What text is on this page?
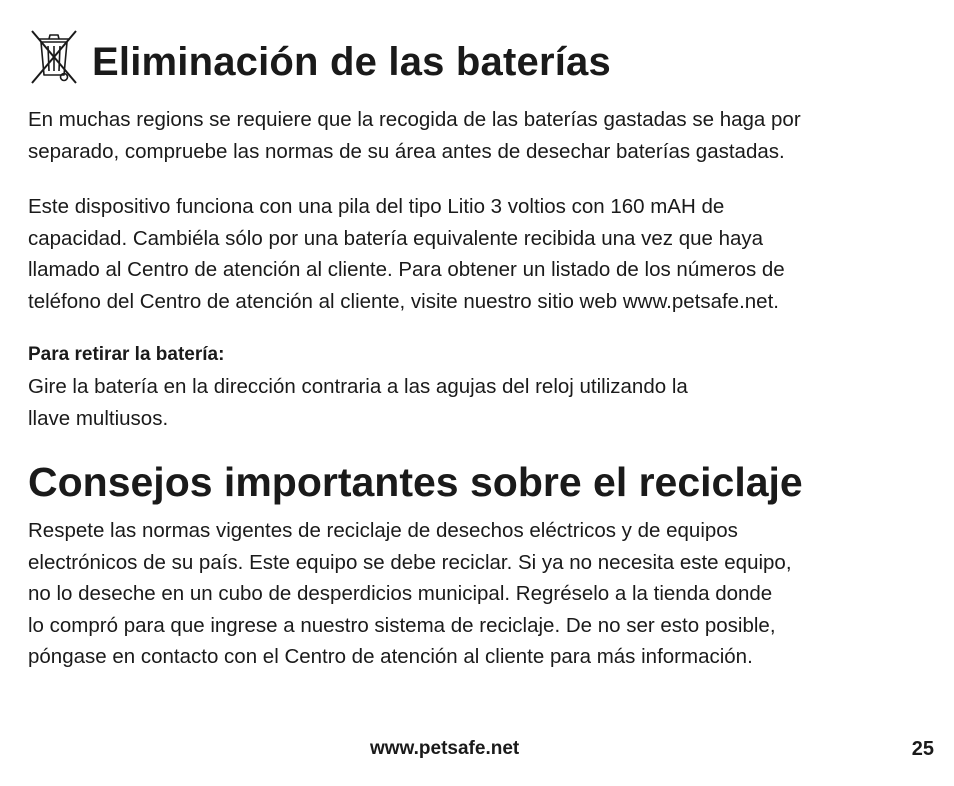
Eliminación de las baterías

En muchas regions se requiere que la recogida de las baterías gastadas se haga por
separado, compruebe las normas de su área antes de desechar baterías gastadas.

Este dispositivo funciona con una pila del tipo Litio 3 voltios con 160 mAH de
capacidad. Cambiéla sólo por una batería equivalente recibida una vez que haya
llamado al Centro de atención al cliente. Para obtener un listado de los números de
teléfono del Centro de atención al cliente, visite nuestro sitio web www.petsafe.net.

Para retirar la batería:

Gire la batería en la dirección contraria a las agujas del reloj utilizando la
llave multiusos.

Consejos importantes sobre el reciclaje

Respete las normas vigentes de reciclaje de desechos eléctricos y de equipos
electrónicos de su país. Este equipo se debe reciclar. Si ya no necesita este equipo,
no lo deseche en un cubo de desperdicios municipal. Regréselo a la tienda donde
lo compró para que ingrese a nuestro sistema de reciclaje. De no ser esto posible,
póngase en contacto con el Centro de atención al cliente para más información.

www.petsafe.net	25
